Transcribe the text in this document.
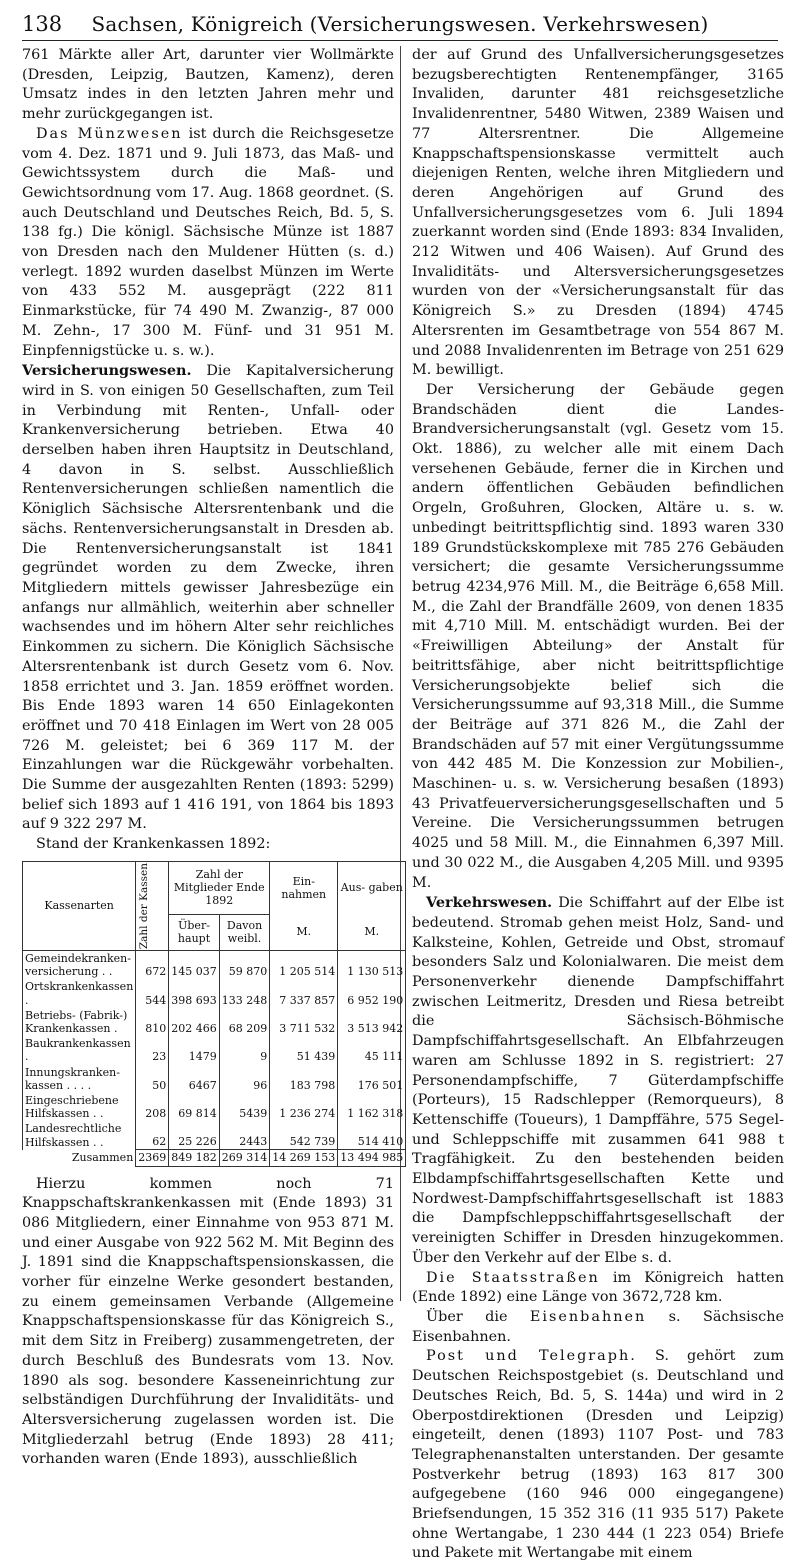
138	Sachsen, Königreich (Versicherungswesen. Verkehrswesen)

761 Märkte aller Art, darunter vier Wollmärkte (Dresden, Leipzig, Bautzen, Kamenz), deren Umsatz indes in den letzten Jahren mehr und mehr zurückgegangen ist.

Das Münzwesen ist durch die Reichsgesetze vom 4. Dez. 1871 und 9. Juli 1873, das Maß- und Gewichtssystem durch die Maß- und Gewichtsordnung vom 17. Aug. 1868 geordnet. (S. auch Deutschland und Deutsches Reich, Bd. 5, S. 138 fg.) Die königl. Sächsische Münze ist 1887 von Dresden nach den Muldener Hütten (s. d.) verlegt. 1892 wurden daselbst Münzen im Werte von 433 552 M. ausgeprägt (222 811 Einmarkstücke, für 74 490 M. Zwanzig-, 87 000 M. Zehn-, 17 300 M. Fünf- und 31 951 M. Einpfennigstücke u. s. w.).

Versicherungswesen. Die Kapitalversicherung wird in S. von einigen 50 Gesellschaften, zum Teil in Verbindung mit Renten-, Unfall- oder Krankenversicherung betrieben. Etwa 40 derselben haben ihren Hauptsitz in Deutschland, 4 davon in S. selbst. Ausschließlich Rentenversicherungen schließen namentlich die Königlich Sächsische Altersrentenbank und die sächs. Rentenversicherungsanstalt in Dresden ab. Die Rentenversicherungsanstalt ist 1841 gegründet worden zu dem Zwecke, ihren Mitgliedern mittels gewisser Jahresbezüge ein anfangs nur allmählich, weiterhin aber schneller wachsendes und im höhern Alter sehr reichliches Einkommen zu sichern. Die Königlich Sächsische Altersrentenbank ist durch Gesetz vom 6. Nov. 1858 errichtet und 3. Jan. 1859 eröffnet worden. Bis Ende 1893 waren 14 650 Einlagekonten eröffnet und 70 418 Einlagen im Wert von 28 005 726 M. geleistet; bei 6 369 117 M. der Einzahlungen war die Rückgewähr vorbehalten. Die Summe der ausgezahlten Renten (1893: 5299) belief sich 1893 auf 1 416 191, von 1864 bis 1893 auf 9 322 297 M.

Stand der Krankenkassen 1892:

Kassenarten	Zahl der Kassen	Zahl der Mitglieder Ende 1892		Ein- nahmen	Aus- gaben
		Über- haupt	Davon weibl.	M.	M.
Gemeindekranken-
versicherung . .	672	145 037	59 870	1 205 514	1 130 513
Ortskrankenkassen .	544	398 693	133 248	7 337 857	6 952 190
Betriebs- (Fabrik-)
Krankenkassen .	810	202 466	68 209	3 711 532	3 513 942
Baukrankenkassen .	23	1479	9	51 439	45 111
Innungskranken-
kassen . . . .	50	6467	96	183 798	176 501
Eingeschriebene
Hilfskassen . .	208	69 814	5439	1 236 274	1 162 318
Landesrechtliche
Hilfskassen . .	62	25 226	2443	542 739	514 410
Zusammen	2369	849 182	269 314	14 269 153	13 494 985

Hierzu kommen noch 71 Knappschaftskrankenkassen mit (Ende 1893) 31 086 Mitgliedern, einer Einnahme von 953 871 M. und einer Ausgabe von 922 562 M. Mit Beginn des J. 1891 sind die Knappschaftspensionskassen, die vorher für einzelne Werke gesondert bestanden, zu einem gemeinsamen Verbande (Allgemeine Knappschaftspensionskasse für das Königreich S., mit dem Sitz in Freiberg) zusammengetreten, der durch Beschluß des Bundesrats vom 13. Nov. 1890 als sog. besondere Kasseneinrichtung zur selbständigen Durchführung der Invaliditäts- und Altersversicherung zugelassen worden ist. Die Mitgliederzahl betrug (Ende 1893) 28 411; vorhanden waren (Ende 1893), ausschließlich

der auf Grund des Unfallversicherungsgesetzes bezugsberechtigten Rentenempfänger, 3165 Invaliden, darunter 481 reichsgesetzliche Invalidenrentner, 5480 Witwen, 2389 Waisen und 77 Altersrentner. Die Allgemeine Knappschaftspensionskasse vermittelt auch diejenigen Renten, welche ihren Mitgliedern und deren Angehörigen auf Grund des Unfallversicherungsgesetzes vom 6. Juli 1894 zuerkannt worden sind (Ende 1893: 834 Invaliden, 212 Witwen und 406 Waisen). Auf Grund des Invaliditäts- und Altersversicherungsgesetzes wurden von der «Versicherungsanstalt für das Königreich S.» zu Dresden (1894) 4745 Altersrenten im Gesamtbetrage von 554 867 M. und 2088 Invalidenrenten im Betrage von 251 629 M. bewilligt.

Der Versicherung der Gebäude gegen Brandschäden dient die Landes-Brandversicherungsanstalt (vgl. Gesetz vom 15. Okt. 1886), zu welcher alle mit einem Dach versehenen Gebäude, ferner die in Kirchen und andern öffentlichen Gebäuden befindlichen Orgeln, Großuhren, Glocken, Altäre u. s. w. unbedingt beitrittspflichtig sind. 1893 waren 330 189 Grundstückskomplexe mit 785 276 Gebäuden versichert; die gesamte Versicherungssumme betrug 4234,976 Mill. M., die Beiträge 6,658 Mill. M., die Zahl der Brandfälle 2609, von denen 1835 mit 4,710 Mill. M. entschädigt wurden. Bei der «Freiwilligen Abteilung» der Anstalt für beitrittsfähige, aber nicht beitrittspflichtige Versicherungsobjekte belief sich die Versicherungssumme auf 93,318 Mill., die Summe der Beiträge auf 371 826 M., die Zahl der Brandschäden auf 57 mit einer Vergütungssumme von 442 485 M. Die Konzession zur Mobilien-, Maschinen- u. s. w. Versicherung besaßen (1893) 43 Privatfeuerversicherungsgesellschaften und 5 Vereine. Die Versicherungssummen betrugen 4025 und 58 Mill. M., die Einnahmen 6,397 Mill. und 30 022 M., die Ausgaben 4,205 Mill. und 9395 M.

Verkehrswesen. Die Schiffahrt auf der Elbe ist bedeutend. Stromab gehen meist Holz, Sand- und Kalksteine, Kohlen, Getreide und Obst, stromauf besonders Salz und Kolonialwaren. Die meist dem Personenverkehr dienende Dampfschiffahrt zwischen Leitmeritz, Dresden und Riesa betreibt die Sächsisch-Böhmische Dampfschiffahrtsgesellschaft. An Elbfahrzeugen waren am Schlusse 1892 in S. registriert: 27 Personendampfschiffe, 7 Güterdampfschiffe (Porteurs), 15 Radschlepper (Remorqueurs), 8 Kettenschiffe (Toueurs), 1 Dampffähre, 575 Segel- und Schleppschiffe mit zusammen 641 988 t Tragfähigkeit. Zu den bestehenden beiden Elbdampfschiffahrtsgesellschaften Kette und Nordwest-Dampfschiffahrtsgesellschaft ist 1883 die Dampfschleppschiffahrtsgesellschaft der vereinigten Schiffer in Dresden hinzugekommen. Über den Verkehr auf der Elbe s. d.

Die Staatsstraßen im Königreich hatten (Ende 1892) eine Länge von 3672,728 km.

Über die Eisenbahnen s. Sächsische Eisenbahnen.

Post und Telegraph. S. gehört zum Deutschen Reichspostgebiet (s. Deutschland und Deutsches Reich, Bd. 5, S. 144a) und wird in 2 Oberpostdirektionen (Dresden und Leipzig) eingeteilt, denen (1893) 1107 Post- und 783 Telegraphenanstalten unterstanden. Der gesamte Postverkehr betrug (1893) 163 817 300 aufgegebene (160 946 000 eingegangene) Briefsendungen, 15 352 316 (11 935 517) Pakete ohne Wertangabe, 1 230 444 (1 223 054) Briefe und Pakete mit Wertangabe mit einem
